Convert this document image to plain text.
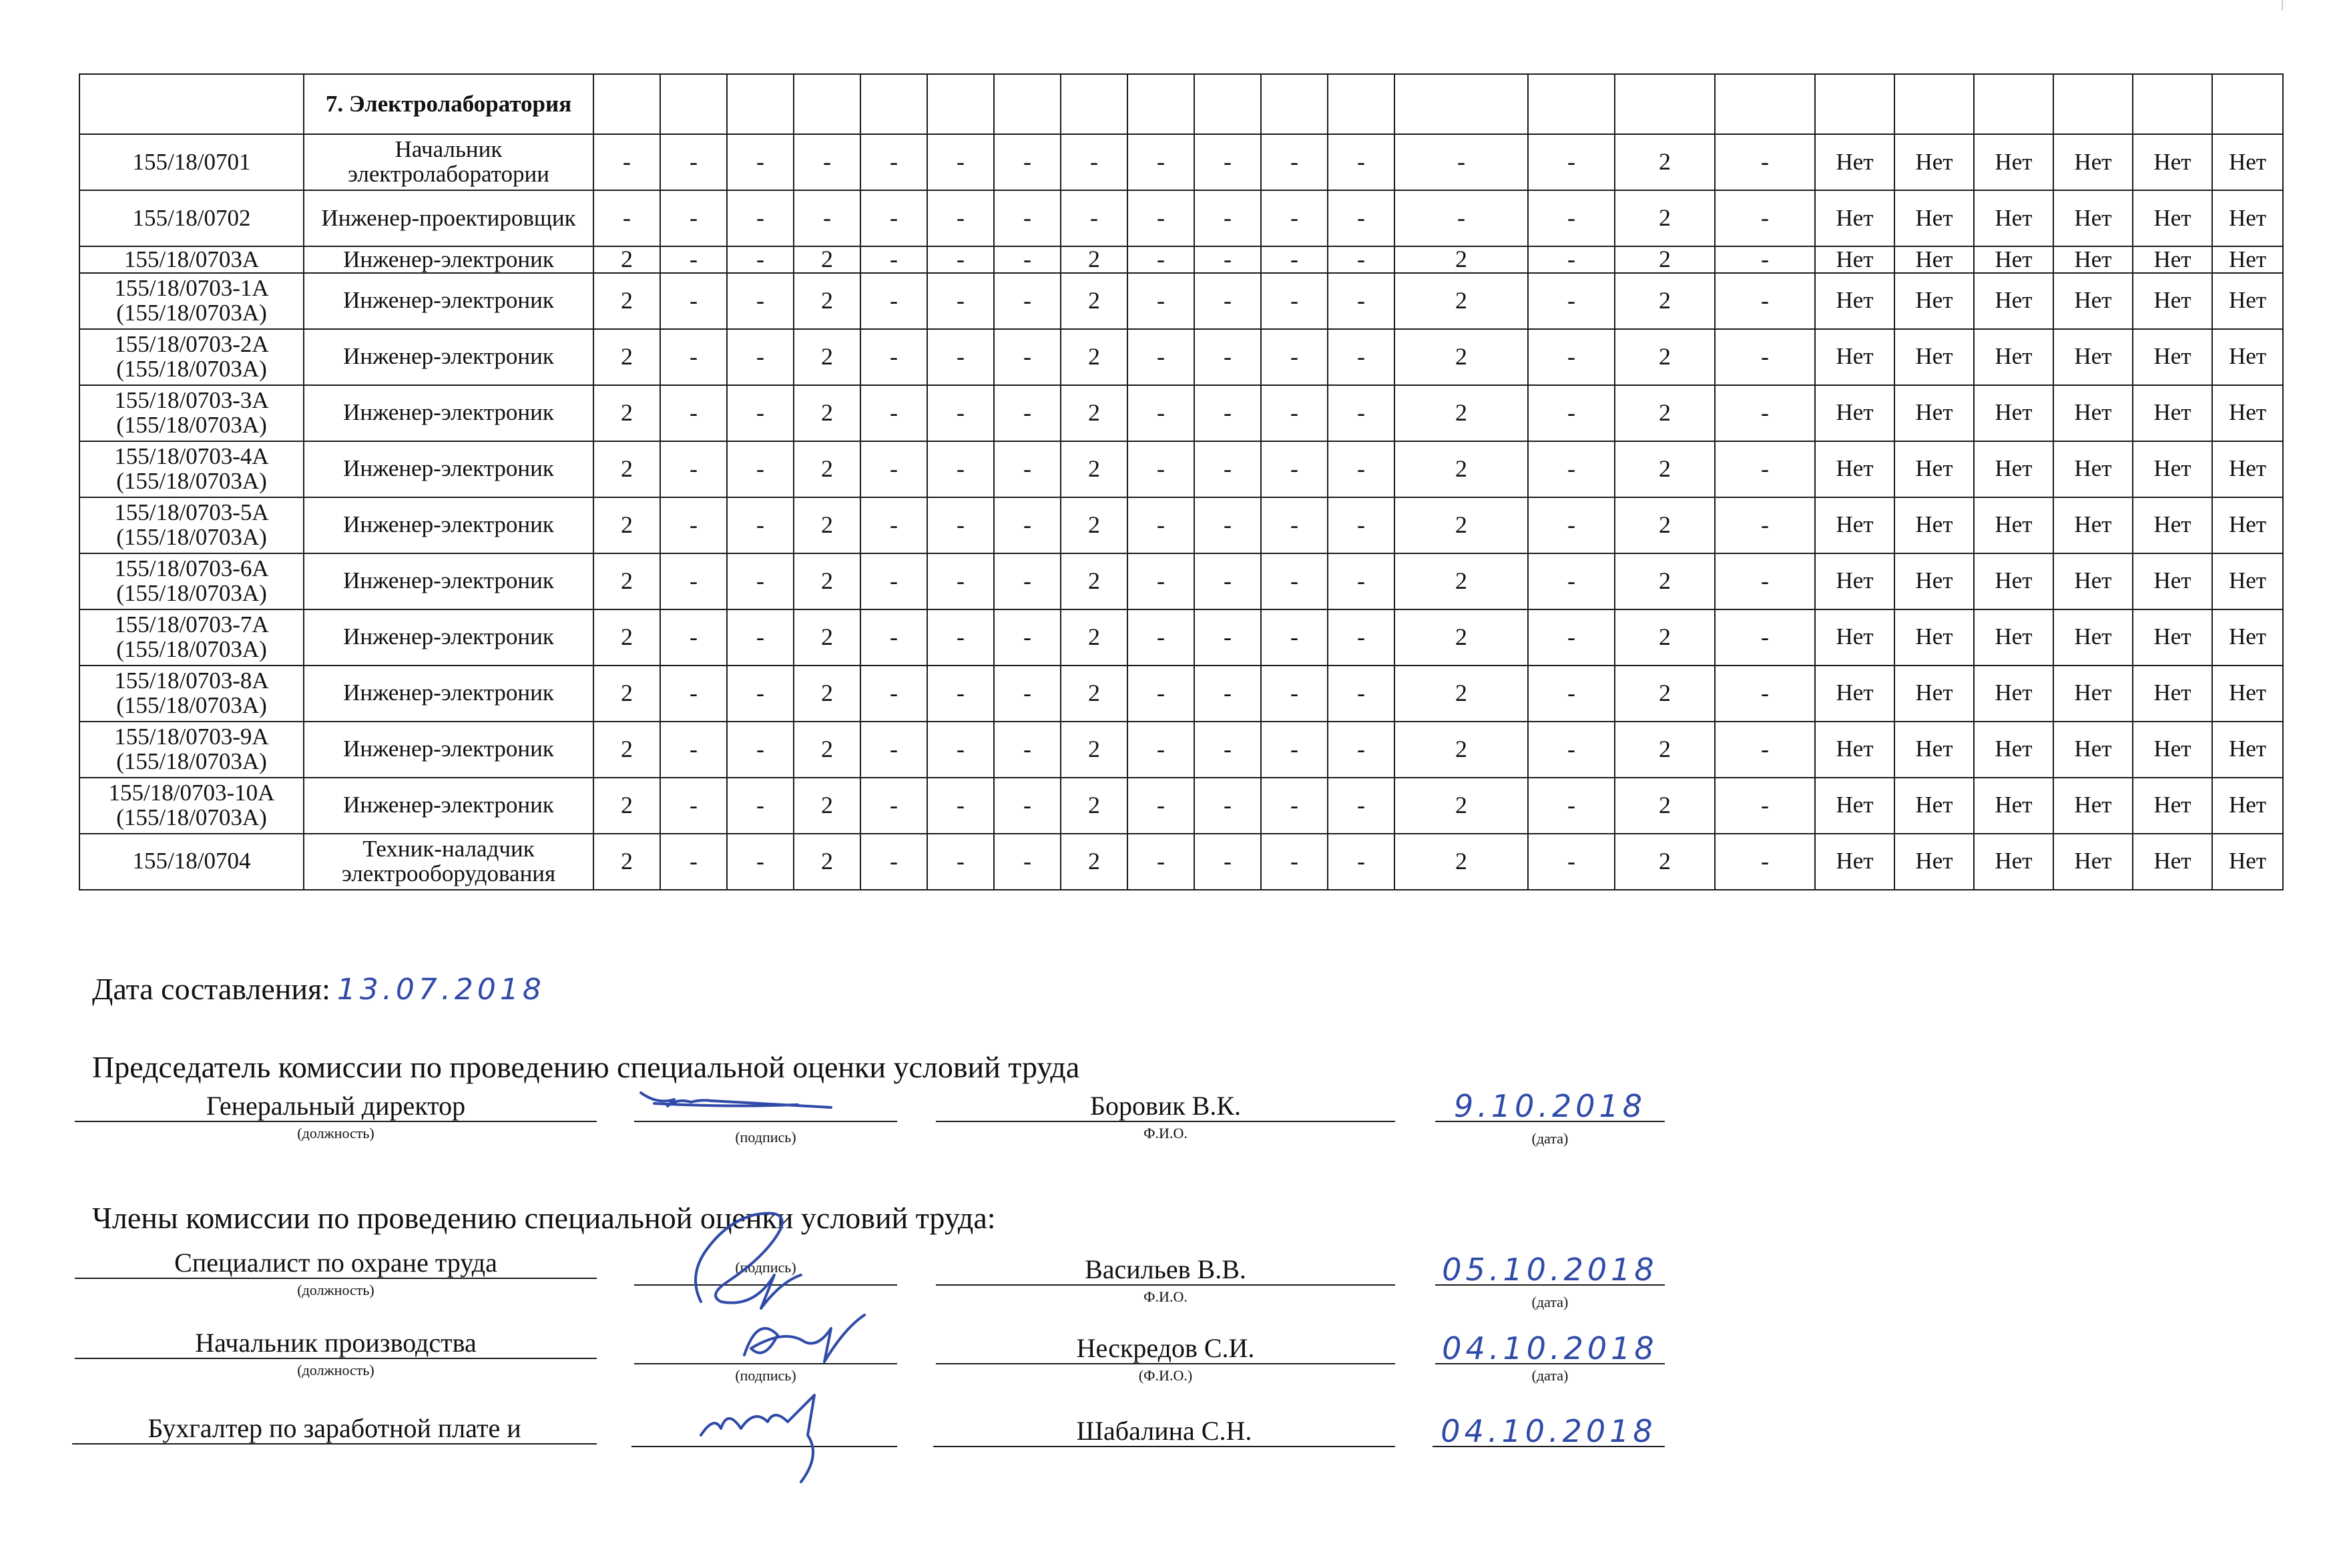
	7. Электролаборатория																						
155/18/0701	Начальник электролаборатории	-	-	-	-	-	-	-	-	-	-	-	-	-	-	2	-	Нет	Нет	Нет	Нет	Нет	Нет
155/18/0702	Инженер-проектировщик	-	-	-	-	-	-	-	-	-	-	-	-	-	-	2	-	Нет	Нет	Нет	Нет	Нет	Нет
155/18/0703А	Инженер-электроник	2	-	-	2	-	-	-	2	-	-	-	-	2	-	2	-	Нет	Нет	Нет	Нет	Нет	Нет
155/18/0703-1А (155/18/0703А)	Инженер-электроник	2	-	-	2	-	-	-	2	-	-	-	-	2	-	2	-	Нет	Нет	Нет	Нет	Нет	Нет
155/18/0703-2А (155/18/0703А)	Инженер-электроник	2	-	-	2	-	-	-	2	-	-	-	-	2	-	2	-	Нет	Нет	Нет	Нет	Нет	Нет
155/18/0703-3А (155/18/0703А)	Инженер-электроник	2	-	-	2	-	-	-	2	-	-	-	-	2	-	2	-	Нет	Нет	Нет	Нет	Нет	Нет
155/18/0703-4А (155/18/0703А)	Инженер-электроник	2	-	-	2	-	-	-	2	-	-	-	-	2	-	2	-	Нет	Нет	Нет	Нет	Нет	Нет
155/18/0703-5А (155/18/0703А)	Инженер-электроник	2	-	-	2	-	-	-	2	-	-	-	-	2	-	2	-	Нет	Нет	Нет	Нет	Нет	Нет
155/18/0703-6А (155/18/0703А)	Инженер-электроник	2	-	-	2	-	-	-	2	-	-	-	-	2	-	2	-	Нет	Нет	Нет	Нет	Нет	Нет
155/18/0703-7А (155/18/0703А)	Инженер-электроник	2	-	-	2	-	-	-	2	-	-	-	-	2	-	2	-	Нет	Нет	Нет	Нет	Нет	Нет
155/18/0703-8А (155/18/0703А)	Инженер-электроник	2	-	-	2	-	-	-	2	-	-	-	-	2	-	2	-	Нет	Нет	Нет	Нет	Нет	Нет
155/18/0703-9А (155/18/0703А)	Инженер-электроник	2	-	-	2	-	-	-	2	-	-	-	-	2	-	2	-	Нет	Нет	Нет	Нет	Нет	Нет
155/18/0703-10А (155/18/0703А)	Инженер-электроник	2	-	-	2	-	-	-	2	-	-	-	-	2	-	2	-	Нет	Нет	Нет	Нет	Нет	Нет
155/18/0704	Техник-наладчик электрооборудования	2	-	-	2	-	-	-	2	-	-	-	-	2	-	2	-	Нет	Нет	Нет	Нет	Нет	Нет
Дата составления: 13.07.2018
Председатель комиссии по проведению специальной оценки условий труда
Генеральный директор
(должность)	(подпись)
Боровик В.К.
Ф.И.О.
9.10.2018
(дата)
Члены комиссии по проведению специальной оценки условий труда:
Специалист по охране труда
(должность)
(подпись)	Васильев В.В.
Ф.И.О.
05.10.2018
(дата)
Начальник производства
(должность)	(подпись)
Нескредов С.И.
(Ф.И.О.)
04.10.2018
(дата)
Бухгалтер по заработной плате и	Шабалина С.Н.	04.10.2018
